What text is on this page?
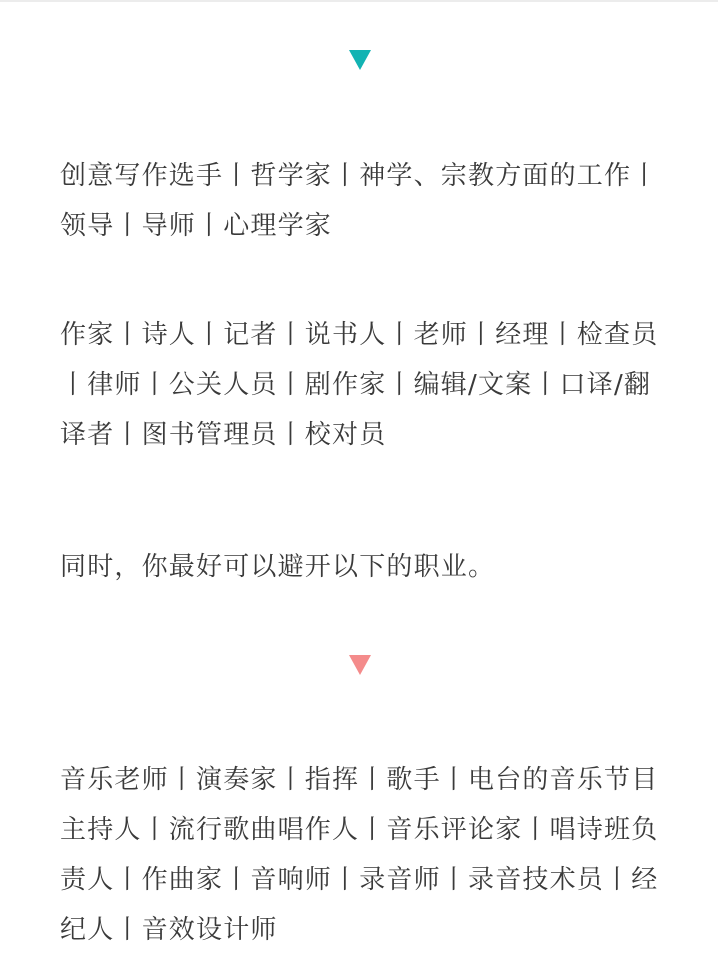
创意写作选手丨哲学家丨神学、宗教方面的工作丨领导丨导师丨心理学家

作家丨诗人丨记者丨说书人丨老师丨经理丨检查员丨律师丨公关人员丨剧作家丨编辑/文案丨口译/翻译者丨图书管理员丨校对员

同时，你最好可以避开以下的职业。

音乐老师丨演奏家丨指挥丨歌手丨电台的音乐节目主持人丨流行歌曲唱作人丨音乐评论家丨唱诗班负责人丨作曲家丨音响师丨录音师丨录音技术员丨经纪人丨音效设计师
